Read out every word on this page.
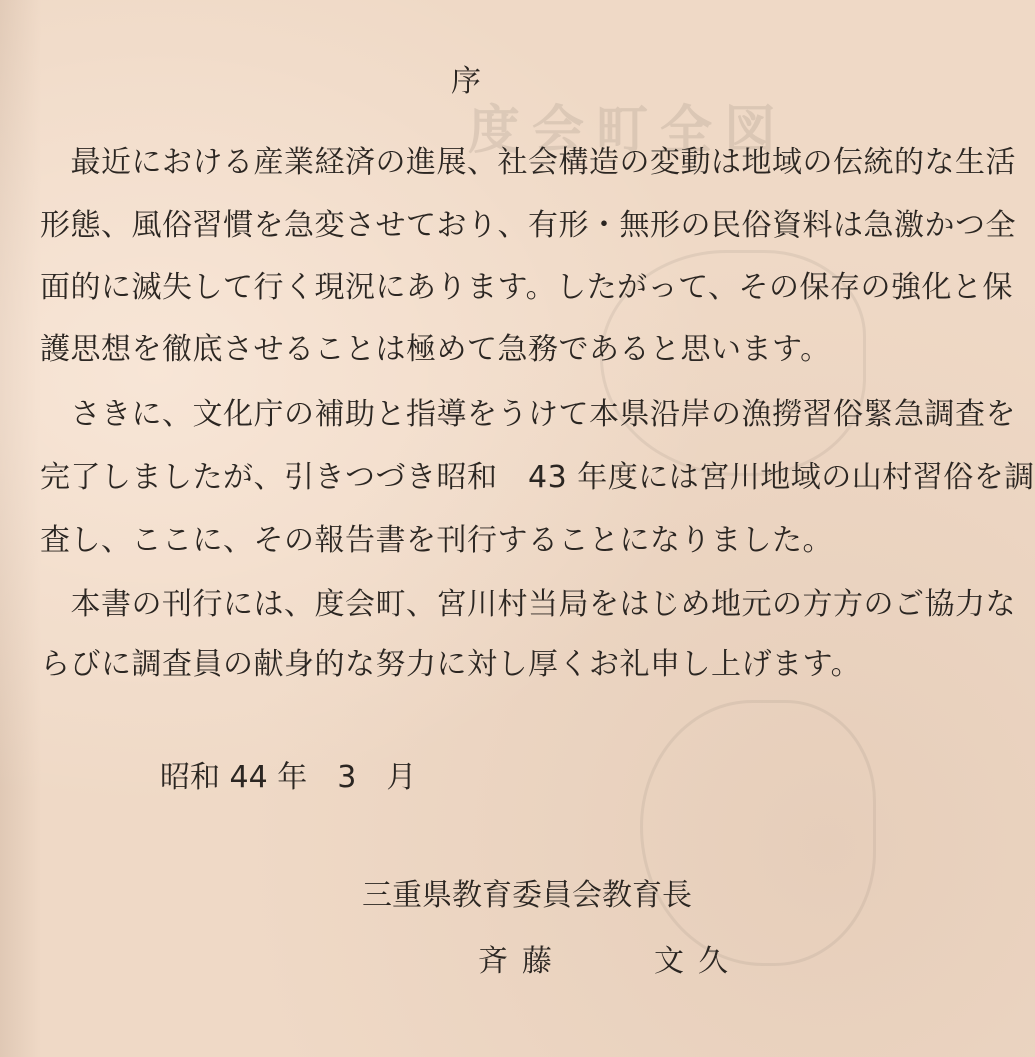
度会町全図
序
　最近における産業経済の進展、社会構造の変動は地域の伝統的な生活
形態、風俗習慣を急変させており、有形・無形の民俗資料は急激かつ全
面的に滅失して行く現況にあります。したがって、その保存の強化と保
護思想を徹底させることは極めて急務であると思います。
　さきに、文化庁の補助と指導をうけて本県沿岸の漁撈習俗緊急調査を
完了しましたが、引きつづき昭和　43 年度には宮川地域の山村習俗を調
査し、ここに、その報告書を刊行することになりました。
　本書の刊行には、度会町、宮川村当局をはじめ地元の方方のご協力な
らびに調査員の献身的な努力に対し厚くお礼申し上げます。
昭和 44 年　3　月
三重県教育委員会教育長
斉藤　　文久
